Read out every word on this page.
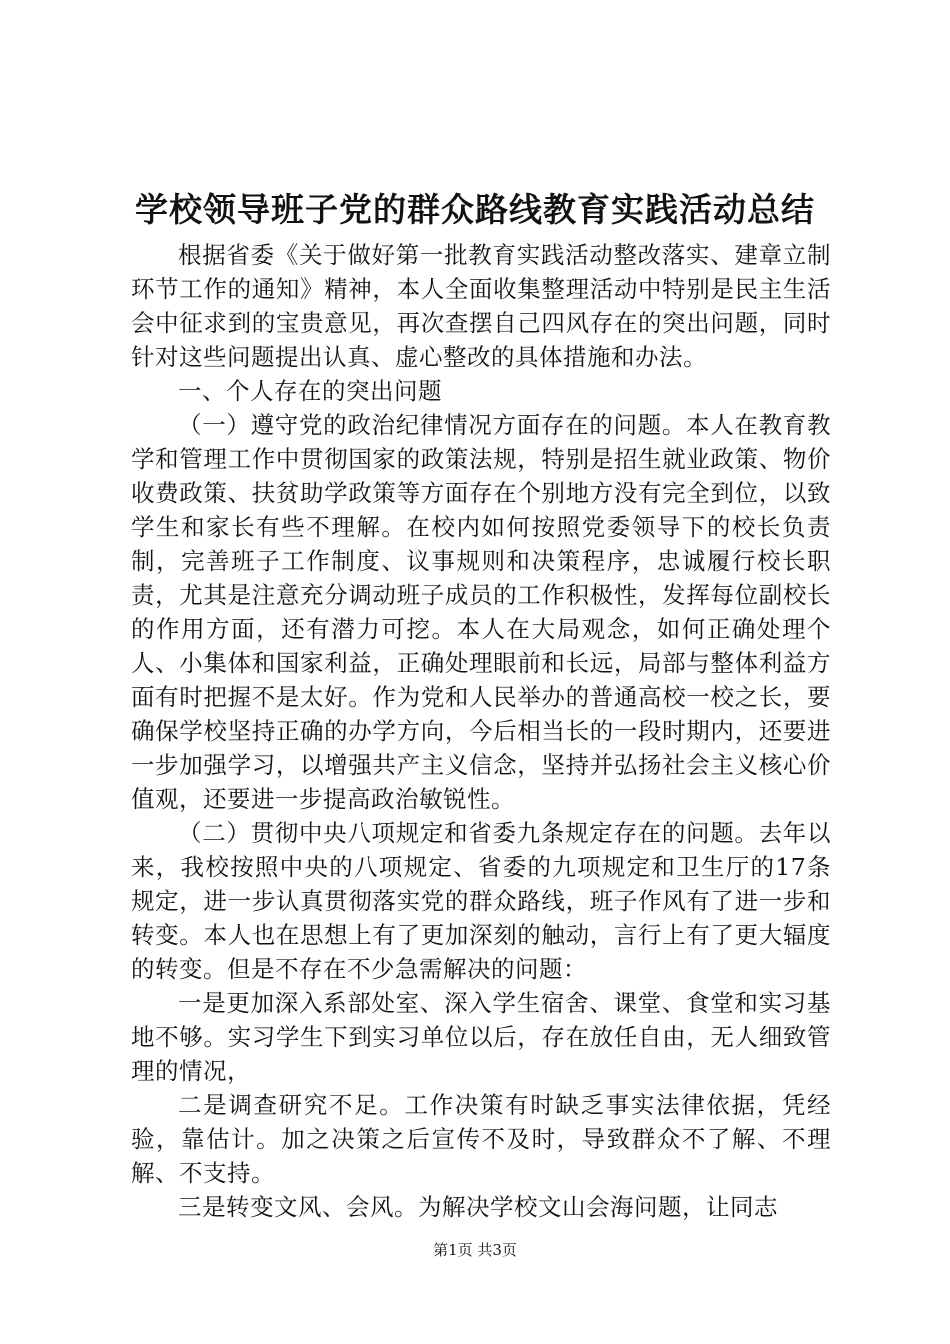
学校领导班子党的群众路线教育实践活动总结

根据省委《关于做好第一批教育实践活动整改落实、建章立制环节工作的通知》精神，本人全面收集整理活动中特别是民主生活会中征求到的宝贵意见，再次查摆自己四风存在的突出问题，同时针对这些问题提出认真、虚心整改的具体措施和办法。

一、个人存在的突出问题

（一）遵守党的政治纪律情况方面存在的问题。本人在教育教学和管理工作中贯彻国家的政策法规，特别是招生就业政策、物价收费政策、扶贫助学政策等方面存在个别地方没有完全到位，以致学生和家长有些不理解。在校内如何按照党委领导下的校长负责制，完善班子工作制度、议事规则和决策程序，忠诚履行校长职责，尤其是注意充分调动班子成员的工作积极性，发挥每位副校长的作用方面，还有潜力可挖。本人在大局观念，如何正确处理个人、小集体和国家利益，正确处理眼前和长远，局部与整体利益方面有时把握不是太好。作为党和人民举办的普通高校一校之长，要确保学校坚持正确的办学方向，今后相当长的一段时期内，还要进一步加强学习，以增强共产主义信念，坚持并弘扬社会主义核心价值观，还要进一步提高政治敏锐性。

（二）贯彻中央八项规定和省委九条规定存在的问题。去年以来，我校按照中央的八项规定、省委的九项规定和卫生厅的17条规定，进一步认真贯彻落实党的群众路线，班子作风有了进一步和转变。本人也在思想上有了更加深刻的触动，言行上有了更大辐度的转变。但是不存在不少急需解决的问题：

一是更加深入系部处室、深入学生宿舍、课堂、食堂和实习基地不够。实习学生下到实习单位以后，存在放任自由，无人细致管理的情况，

二是调查研究不足。工作决策有时缺乏事实法律依据，凭经验，靠估计。加之决策之后宣传不及时，导致群众不了解、不理解、不支持。

三是转变文风、会风。为解决学校文山会海问题，让同志

第1页 共3页
